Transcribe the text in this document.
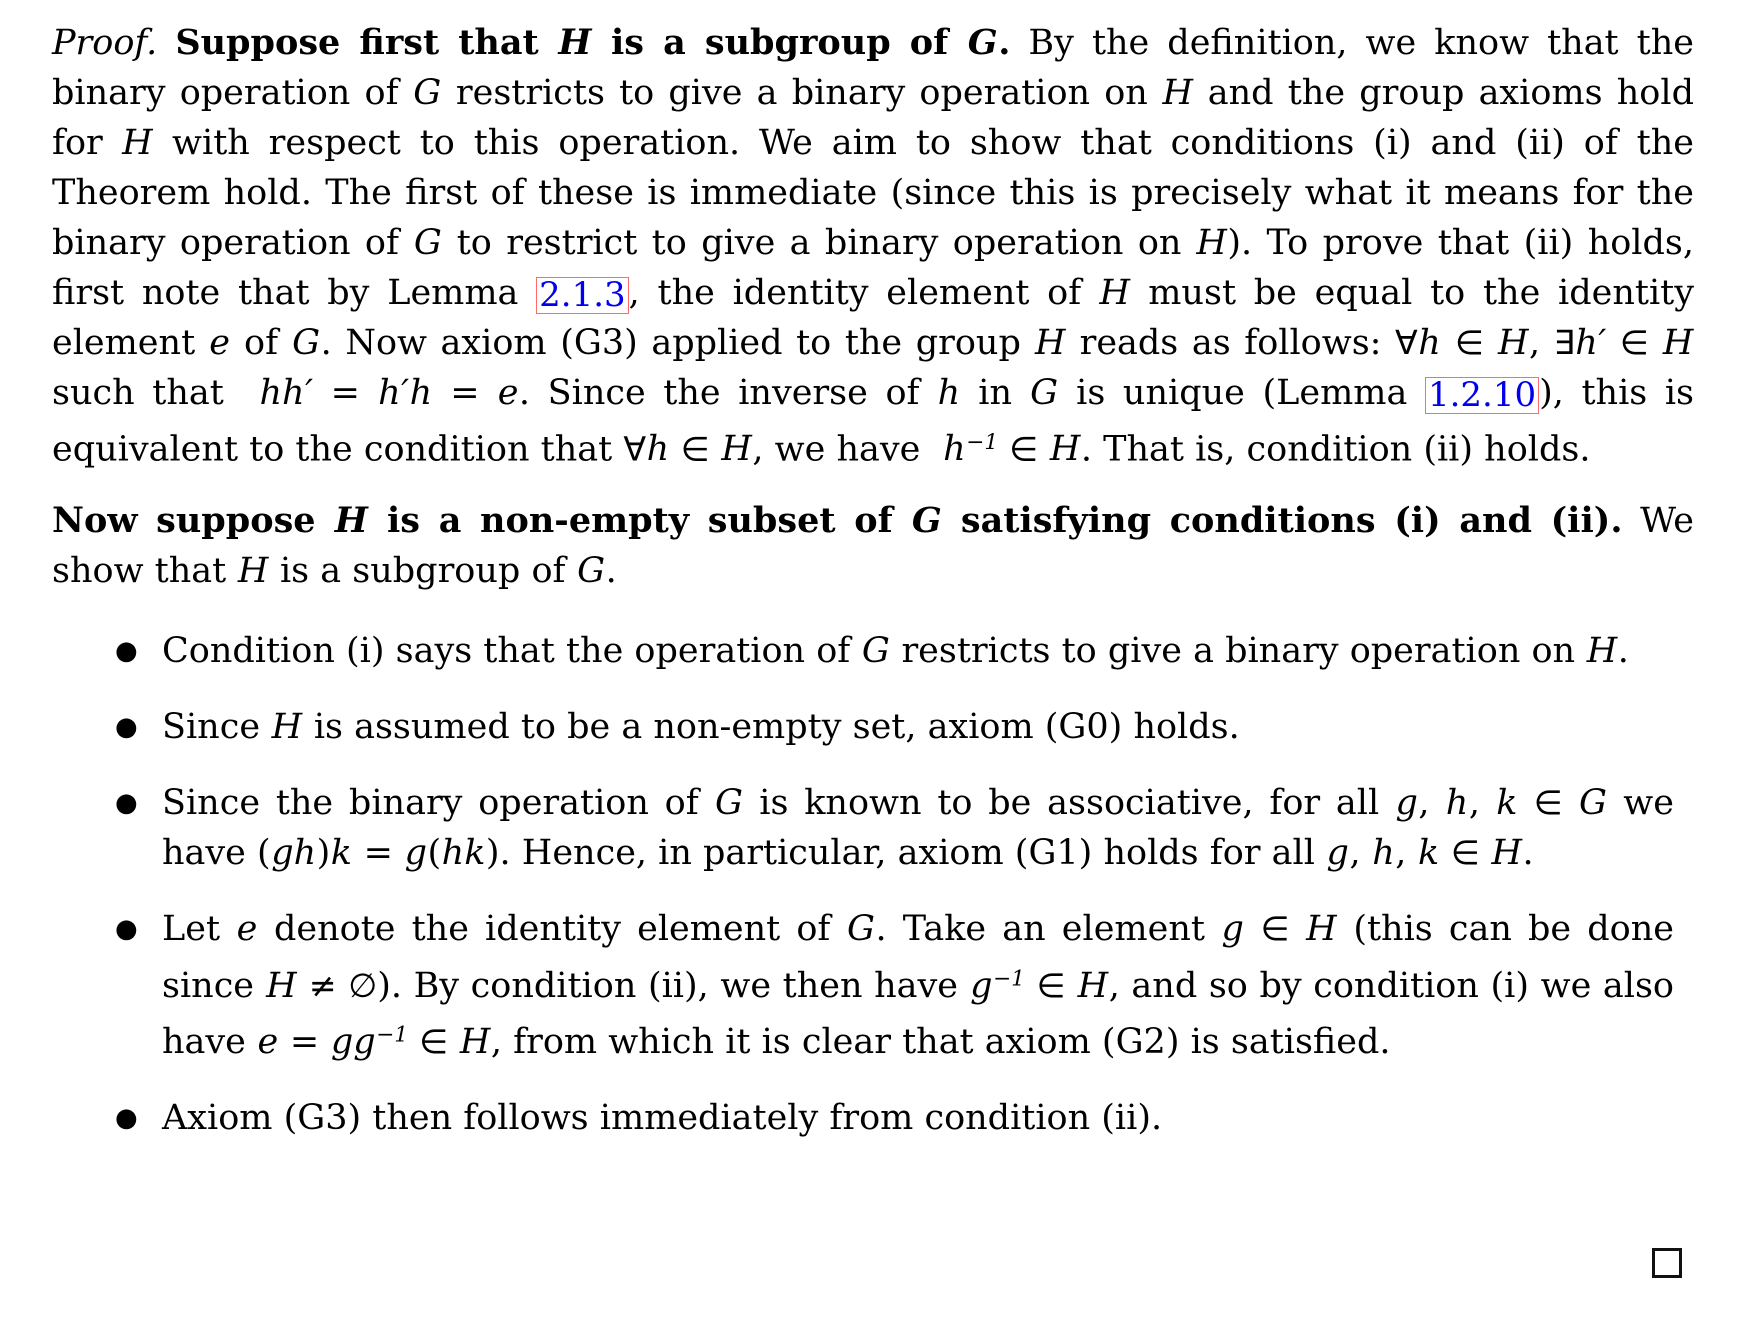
Proof. Suppose first that H is a subgroup of G. By the definition, we know that the binary operation of G restricts to give a binary operation on H and the group axioms hold for H with respect to this operation. We aim to show that conditions (i) and (ii) of the Theorem hold. The first of these is immediate (since this is precisely what it means for the binary operation of G to restrict to give a binary operation on H). To prove that (ii) holds, first note that by Lemma 2.1.3, the identity element of H must be equal to the identity element e of G. Now axiom (G3) applied to the group H reads as follows: ∀h ∈ H, ∃h′ ∈ H such that  hh′ = h′h = e. Since the inverse of h in G is unique (Lemma 1.2.10), this is equivalent to the condition that ∀h ∈ H, we have  $h^{-1}$ ∈ H. That is, condition (ii) holds.

Now suppose H is a non-empty subset of G satisfying conditions (i) and (ii). We show that H is a subgroup of G.

● Condition (i) says that the operation of G restricts to give a binary operation on H.
● Since H is assumed to be a non-empty set, axiom (G0) holds.
● Since the binary operation of G is known to be associative, for all g, h, k ∈ G we have (gh)k = g(hk). Hence, in particular, axiom (G1) holds for all g, h, k ∈ H.
● Let e denote the identity element of G. Take an element g ∈ H (this can be done since H ≠ ∅). By condition (ii), we then have $g^{-1}$ ∈ H, and so by condition (i) we also have $e = gg^{-1}$ ∈ H, from which it is clear that axiom (G2) is satisfied.
● Axiom (G3) then follows immediately from condition (ii).
